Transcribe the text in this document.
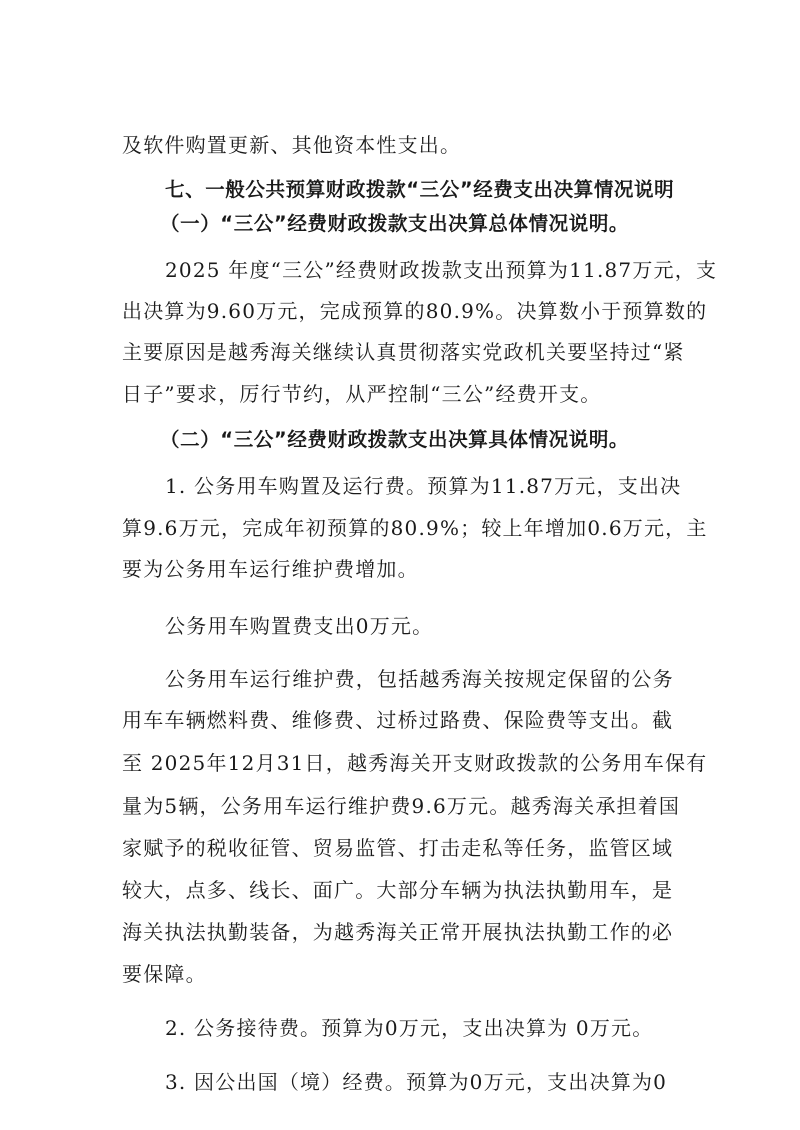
及软件购置更新、其他资本性支出。
七、一般公共预算财政拨款“三公”经费支出决算情况说明
（一）“三公”经费财政拨款支出决算总体情况说明。
2025 年度“三公”经费财政拨款支出预算为11.87万元，支
出决算为9.60万元，完成预算的80.9%。决算数小于预算数的
主要原因是越秀海关继续认真贯彻落实党政机关要坚持过“紧
日子”要求，厉行节约，从严控制“三公”经费开支。
（二）“三公”经费财政拨款支出决算具体情况说明。
1. 公务用车购置及运行费。预算为11.87万元，支出决
算9.6万元，完成年初预算的80.9%；较上年增加0.6万元，主
要为公务用车运行维护费增加。
公务用车购置费支出0万元。
公务用车运行维护费，包括越秀海关按规定保留的公务
用车车辆燃料费、维修费、过桥过路费、保险费等支出。截
至 2025年12月31日，越秀海关开支财政拨款的公务用车保有
量为5辆，公务用车运行维护费9.6万元。越秀海关承担着国
家赋予的税收征管、贸易监管、打击走私等任务，监管区域
较大，点多、线长、面广。大部分车辆为执法执勤用车，是
海关执法执勤装备，为越秀海关正常开展执法执勤工作的必
要保障。
2. 公务接待费。预算为0万元，支出决算为 0万元。
3. 因公出国（境）经费。预算为0万元，支出决算为0
